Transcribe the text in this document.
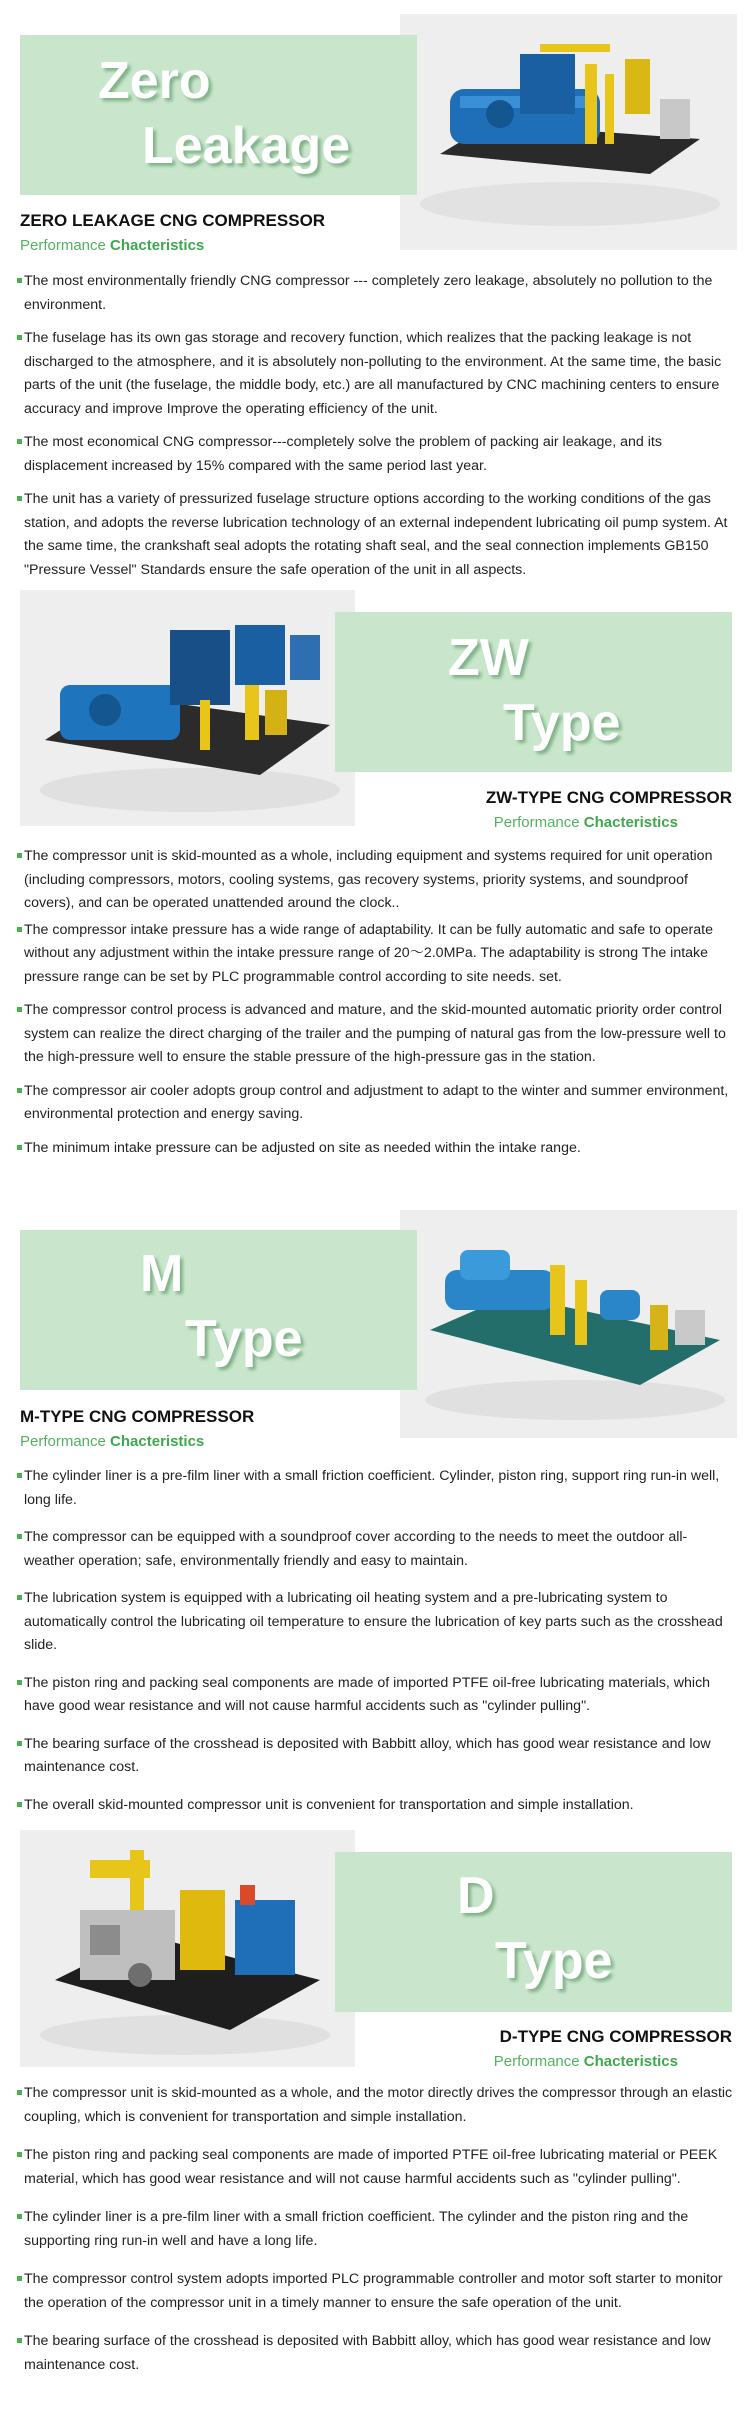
Zero
Leakage
ZERO LEAKAGE CNG COMPRESSOR
Performance Chacteristics
The most environmentally friendly CNG compressor --- completely zero leakage, absolutely no pollution to the environment.
The fuselage has its own gas storage and recovery function, which realizes that the packing leakage is not discharged to the atmosphere, and it is absolutely non-polluting to the environment. At the same time, the basic parts of the unit (the fuselage, the middle body, etc.) are all manufactured by CNC machining centers to ensure accuracy and improve Improve the operating efficiency of the unit.
The most economical CNG compressor---completely solve the problem of packing air leakage, and its displacement increased by 15% compared with the same period last year.
The unit has a variety of pressurized fuselage structure options according to the working conditions of the gas station, and adopts the reverse lubrication technology of an external independent lubricating oil pump system. At the same time, the crankshaft seal adopts the rotating shaft seal, and the seal connection implements GB150 "Pressure Vessel" Standards ensure the safe operation of the unit in all aspects.
ZW
Type
ZW-TYPE CNG COMPRESSOR
Performance Chacteristics
The compressor unit is skid-mounted as a whole, including equipment and systems required for unit operation (including compressors, motors, cooling systems, gas recovery systems, priority systems, and soundproof covers), and can be operated unattended around the clock..
The compressor intake pressure has a wide range of adaptability. It can be fully automatic and safe to operate without any adjustment within the intake pressure range of 20〜2.0MPa. The adaptability is strong The intake pressure range can be set by PLC programmable control according to site needs. set.
The compressor control process is advanced and mature, and the skid-mounted automatic priority order control system can realize the direct charging of the trailer and the pumping of natural gas from the low-pressure well to the high-pressure well to ensure the stable pressure of the high-pressure gas in the station.
The compressor air cooler adopts group control and adjustment to adapt to the winter and summer environment, environmental protection and energy saving.
The minimum intake pressure can be adjusted on site as needed within the intake range.
M
Type
M-TYPE CNG COMPRESSOR
Performance Chacteristics
The cylinder liner is a pre-film liner with a small friction coefficient. Cylinder, piston ring, support ring run-in well, long life.
The compressor can be equipped with a soundproof cover according to the needs to meet the outdoor all-weather operation; safe, environmentally friendly and easy to maintain.
The lubrication system is equipped with a lubricating oil heating system and a pre-lubricating system to automatically control the lubricating oil temperature to ensure the lubrication of key parts such as the crosshead slide.
The piston ring and packing seal components are made of imported PTFE oil-free lubricating materials, which have good wear resistance and will not cause harmful accidents such as "cylinder pulling".
The bearing surface of the crosshead is deposited with Babbitt alloy, which has good wear resistance and low maintenance cost.
The overall skid-mounted compressor unit is convenient for transportation and simple installation.
D
Type
D-TYPE CNG COMPRESSOR
Performance Chacteristics
The compressor unit is skid-mounted as a whole, and the motor directly drives the compressor through an elastic coupling, which is convenient for transportation and simple installation.
The piston ring and packing seal components are made of imported PTFE oil-free lubricating material or PEEK material, which has good wear resistance and will not cause harmful accidents such as "cylinder pulling".
The cylinder liner is a pre-film liner with a small friction coefficient. The cylinder and the piston ring and the supporting ring run-in well and have a long life.
The compressor control system adopts imported PLC programmable controller and motor soft starter to monitor the operation of the compressor unit in a timely manner to ensure the safe operation of the unit.
The bearing surface of the crosshead is deposited with Babbitt alloy, which has good wear resistance and low maintenance cost.
